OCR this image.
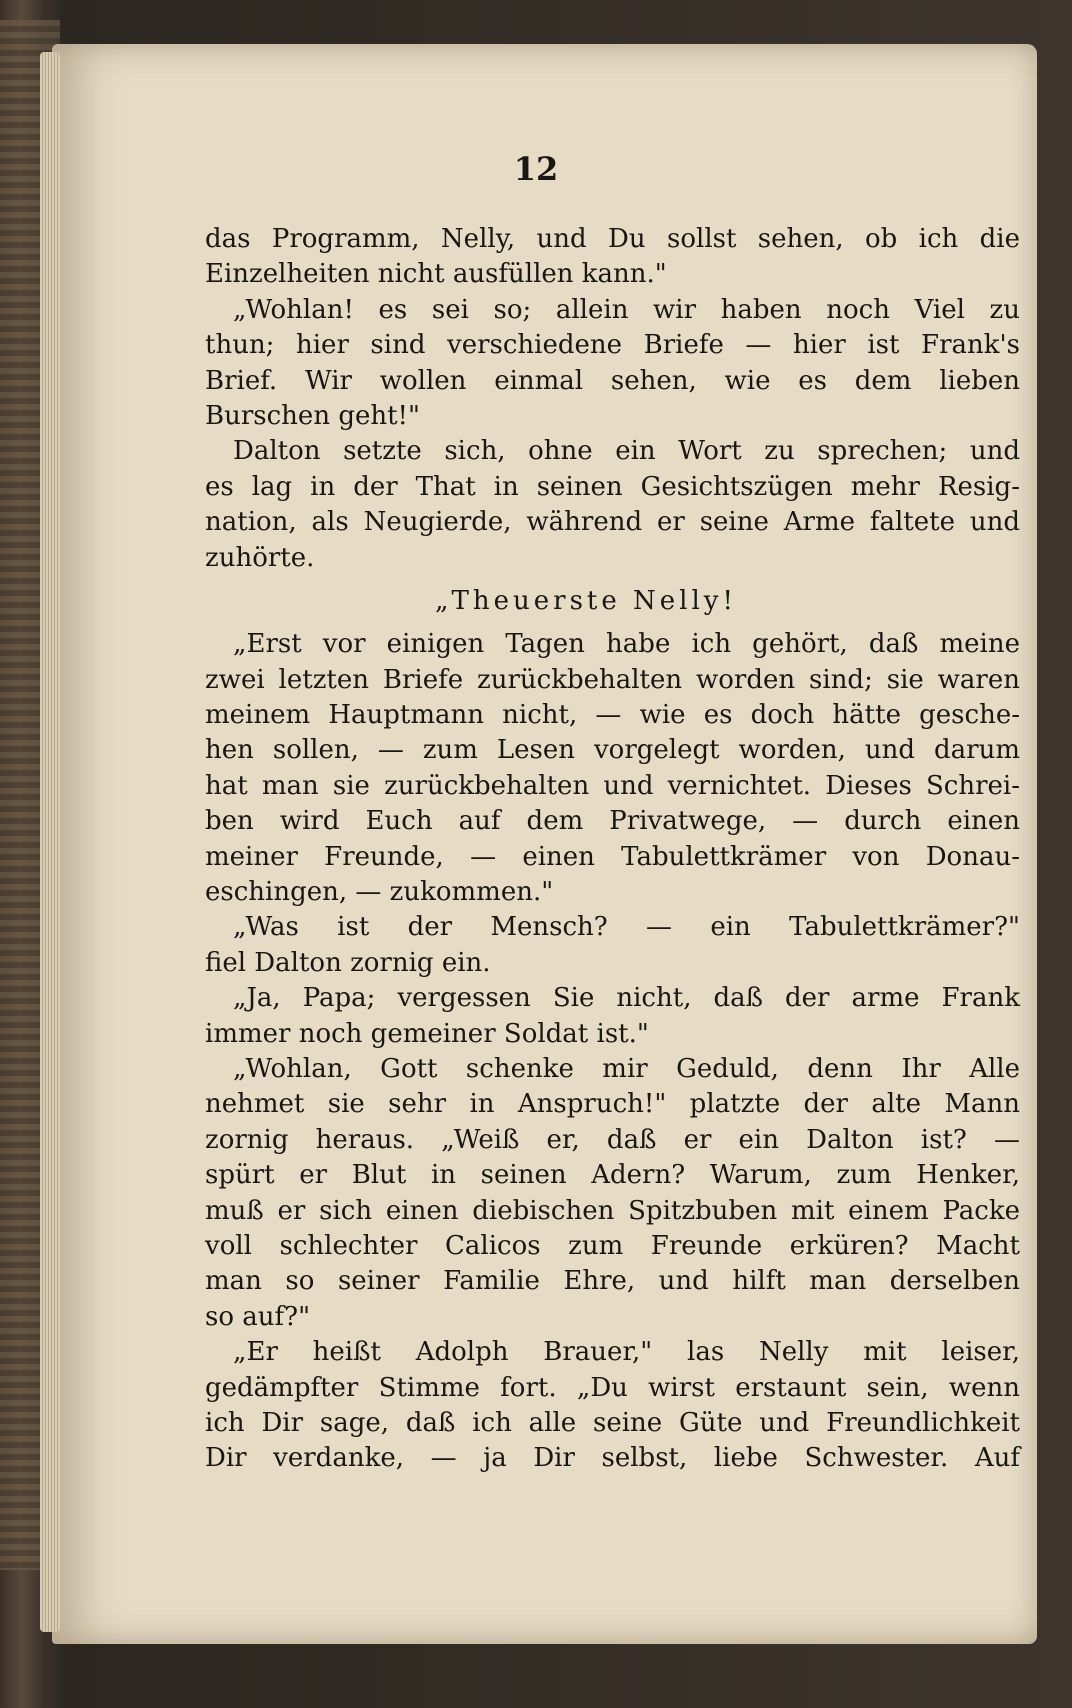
12
das Programm, Nelly, und Du sollst sehen, ob ich die
Einzelheiten nicht ausfüllen kann."
„Wohlan! es sei so; allein wir haben noch Viel zu
thun; hier sind verschiedene Briefe — hier ist Frank's
Brief. Wir wollen einmal sehen, wie es dem lieben
Burschen geht!"
Dalton setzte sich, ohne ein Wort zu sprechen; und
es lag in der That in seinen Gesichtszügen mehr Resig-
nation, als Neugierde, während er seine Arme faltete und
zuhörte.
„Theuerste Nelly!
„Erst vor einigen Tagen habe ich gehört, daß meine
zwei letzten Briefe zurückbehalten worden sind; sie waren
meinem Hauptmann nicht, — wie es doch hätte gesche-
hen sollen, — zum Lesen vorgelegt worden, und darum
hat man sie zurückbehalten und vernichtet. Dieses Schrei-
ben wird Euch auf dem Privatwege, — durch einen
meiner Freunde, — einen Tabulettkrämer von Donau-
eschingen, — zukommen."
„Was ist der Mensch? — ein Tabulettkrämer?"
fiel Dalton zornig ein.
„Ja, Papa; vergessen Sie nicht, daß der arme Frank
immer noch gemeiner Soldat ist."
„Wohlan, Gott schenke mir Geduld, denn Ihr Alle
nehmet sie sehr in Anspruch!" platzte der alte Mann
zornig heraus. „Weiß er, daß er ein Dalton ist? —
spürt er Blut in seinen Adern? Warum, zum Henker,
muß er sich einen diebischen Spitzbuben mit einem Packe
voll schlechter Calicos zum Freunde erküren? Macht
man so seiner Familie Ehre, und hilft man derselben
so auf?"
„Er heißt Adolph Brauer," las Nelly mit leiser,
gedämpfter Stimme fort. „Du wirst erstaunt sein, wenn
ich Dir sage, daß ich alle seine Güte und Freundlichkeit
Dir verdanke, — ja Dir selbst, liebe Schwester. Auf
